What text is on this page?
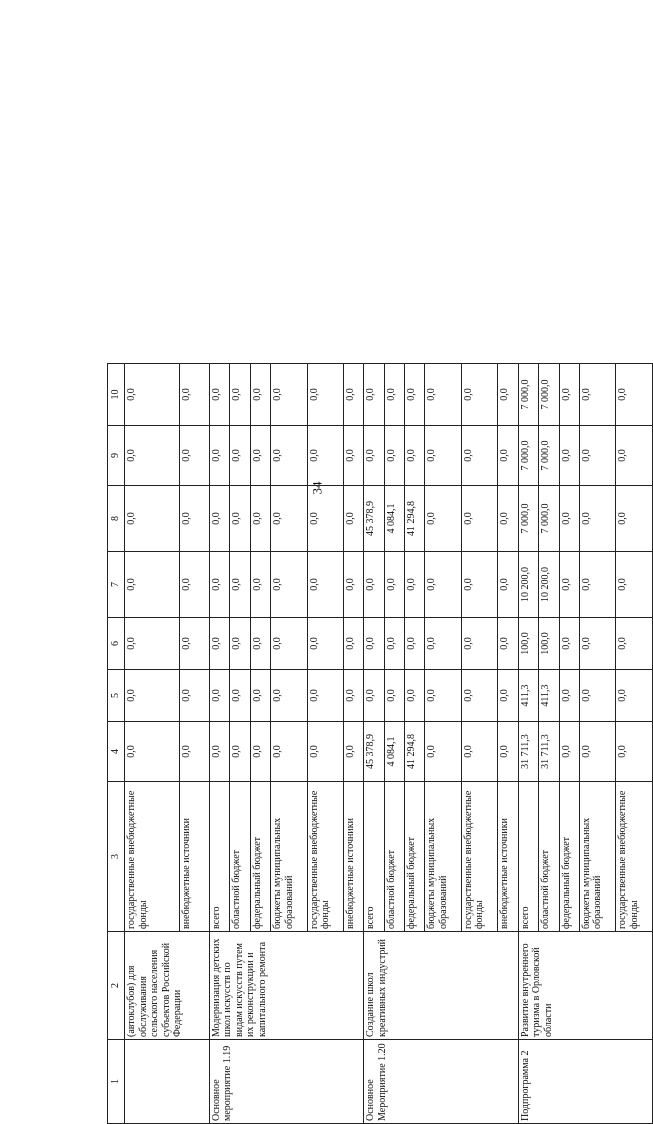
34
1	2	3	4	5	6	7	8	9	10
	(автоклубов) для обслуживания сельского населения субъектов Российской Федерации	государственные внебюджетные фонды	0,0	0,0	0,0	0,0	0,0	0,0	0,0
		внебюджетные источники	0,0	0,0	0,0	0,0	0,0	0,0	0,0
Основное мероприятие 1.19	Модернизация детских школ искусств по видам искусств путем их реконструкции и капитального ремонта	всего	0,0	0,0	0,0	0,0	0,0	0,0	0,0
		областной бюджет	0,0	0,0	0,0	0,0	0,0	0,0	0,0
		федеральный бюджет	0,0	0,0	0,0	0,0	0,0	0,0	0,0
		бюджеты муниципальных образований	0,0	0,0	0,0	0,0	0,0	0,0	0,0
		государственные внебюджетные фонды	0,0	0,0	0,0	0,0	0,0	0,0	0,0
		внебюджетные источники	0,0	0,0	0,0	0,0	0,0	0,0	0,0
Основное Мероприятие 1.20	Создание школ креативных индустрий	всего	45 378,9	0,0	0,0	0,0	45 378,9	0,0	0,0
		областной бюджет	4 084,1	0,0	0,0	0,0	4 084,1	0,0	0,0
		федеральный бюджет	41 294,8	0,0	0,0	0,0	41 294,8	0,0	0,0
		бюджеты муниципальных образований	0,0	0,0	0,0	0,0	0,0	0,0	0,0
		государственные внебюджетные фонды	0,0	0,0	0,0	0,0	0,0	0,0	0,0
		внебюджетные источники	0,0	0,0	0,0	0,0	0,0	0,0	0,0
Подпрограмма 2	Развитие внутреннего туризма в Орловской области	всего	31 711,3	411,3	100,0	10 200,0	7 000,0	7 000,0	7 000,0
		областной бюджет	31 711,3	411,3	100,0	10 200,0	7 000,0	7 000,0	7 000,0
		федеральный бюджет	0,0	0,0	0,0	0,0	0,0	0,0	0,0
		бюджеты муниципальных образований	0,0	0,0	0,0	0,0	0,0	0,0	0,0
		государственные внебюджетные фонды	0,0	0,0	0,0	0,0	0,0	0,0	0,0
